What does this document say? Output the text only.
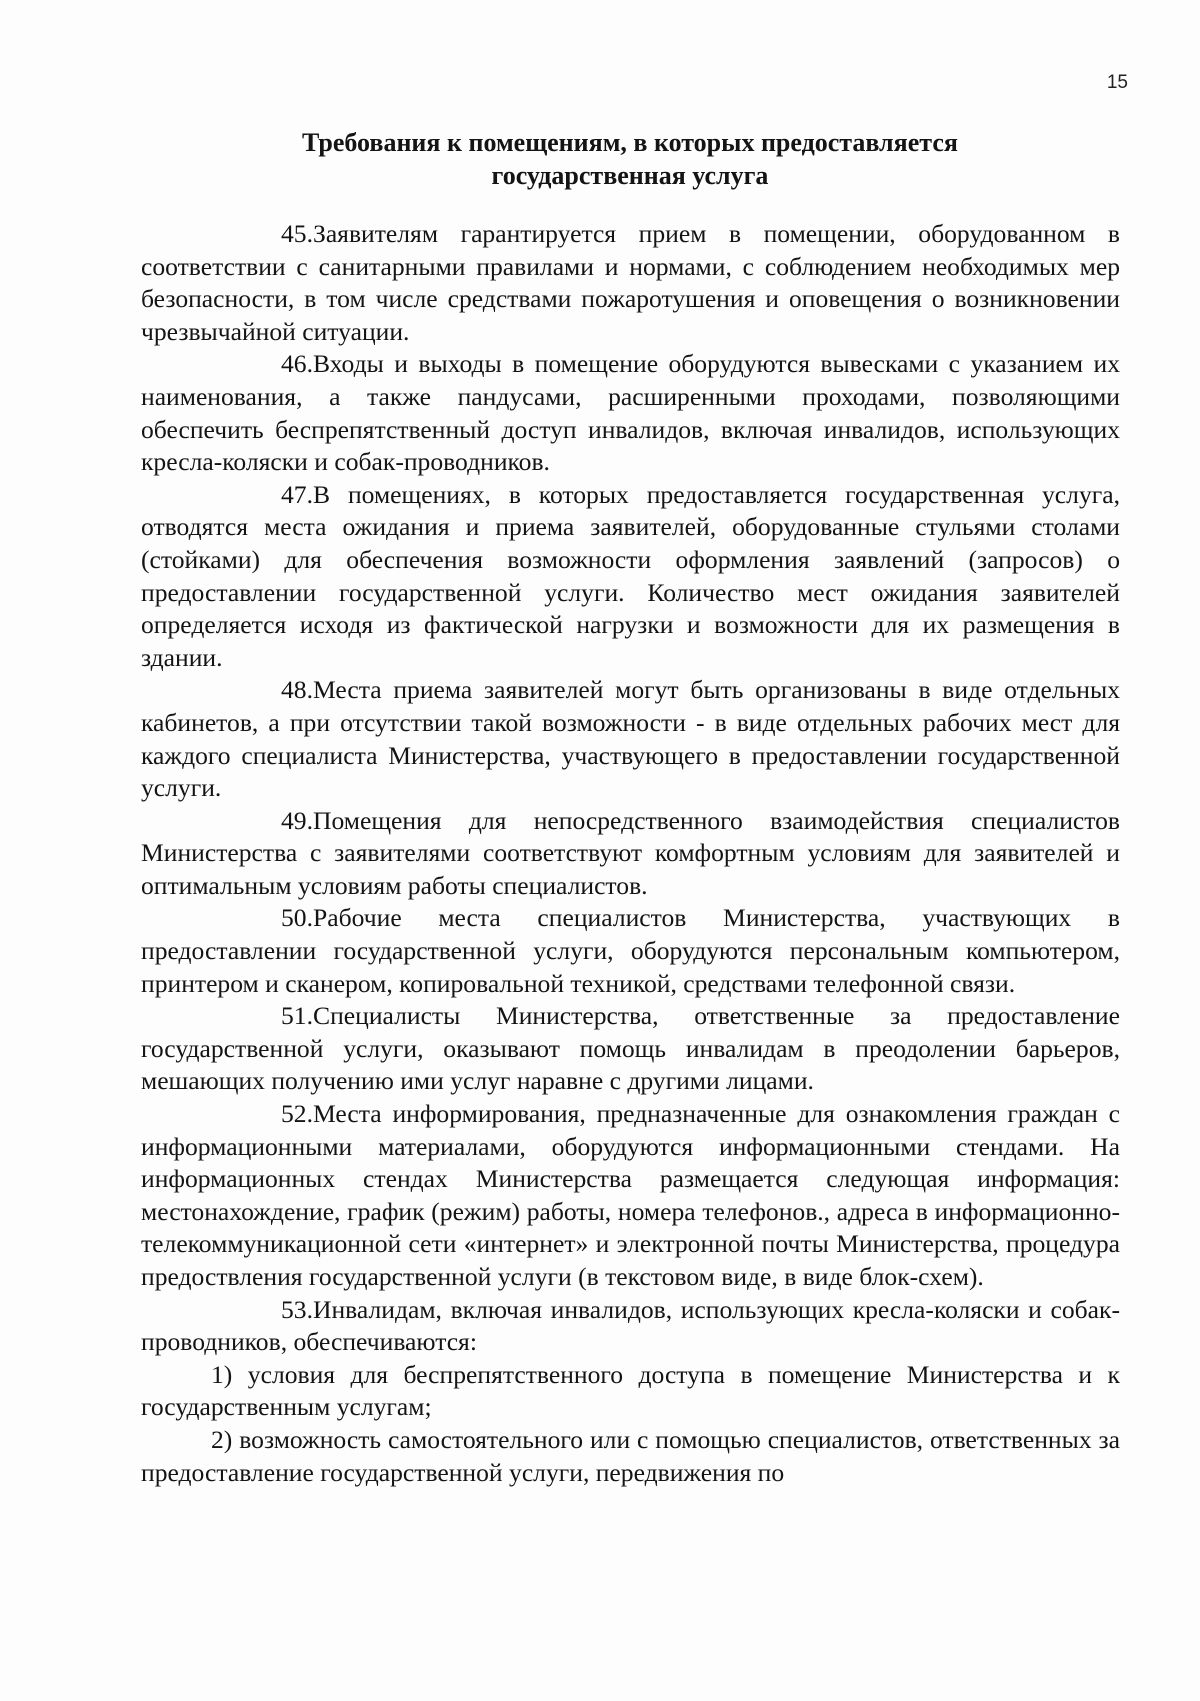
15
Требования к помещениям, в которых предоставляется
государственная услуга

45.Заявителям гарантируется прием в помещении, оборудованном в соответствии с санитарными правилами и нормами, с соблюдением необходимых мер безопасности, в том числе средствами пожаротушения и оповещения о возникновении чрезвычайной ситуации.

46.Входы и выходы в помещение оборудуются вывесками с указанием их наименования, а также пандусами, расширенными проходами, позволяющими обеспечить беспрепятственный доступ инвалидов, включая инвалидов, использующих кресла-коляски и собак-проводников.

47.В помещениях, в которых предоставляется государственная услуга, отводятся места ожидания и приема заявителей, оборудованные стульями столами (стойками) для обеспечения возможности оформления заявлений (запросов) о предоставлении государственной услуги. Количество мест ожидания заявителей определяется исходя из фактической нагрузки и возможности для их размещения в здании.

48.Места приема заявителей могут быть организованы в виде отдельных кабинетов, а при отсутствии такой возможности - в виде отдельных рабочих мест для каждого специалиста Министерства, участвующего в предоставлении государственной услуги.

49.Помещения для непосредственного взаимодействия специалистов Министерства с заявителями соответствуют комфортным условиям для заявителей и оптимальным условиям работы специалистов.

50.Рабочие места специалистов Министерства, участвующих в предоставлении государственной услуги, оборудуются персональным компьютером, принтером и сканером, копировальной техникой, средствами телефонной связи.

51.Специалисты Министерства, ответственные за предоставление государственной услуги, оказывают помощь инвалидам в преодолении барьеров, мешающих получению ими услуг наравне с другими лицами.

52.Места информирования, предназначенные для ознакомления граждан с информационными материалами, оборудуются информационными стендами. На информационных стендах Министерства размещается следующая информация: местонахождение, график (режим) работы, номера телефонов., адреса в информационно-телекоммуникационной сети «интернет» и электронной почты Министерства, процедура предоствления государственной услуги (в текстовом виде, в виде блок-схем).

53.Инвалидам, включая инвалидов, использующих кресла-коляски и собак-проводников, обеспечиваются:

1) условия для беспрепятственного доступа в помещение Министерства и к государственным услугам;

2) возможность самостоятельного или с помощью специалистов, ответственных за предоставление государственной услуги, передвижения по
